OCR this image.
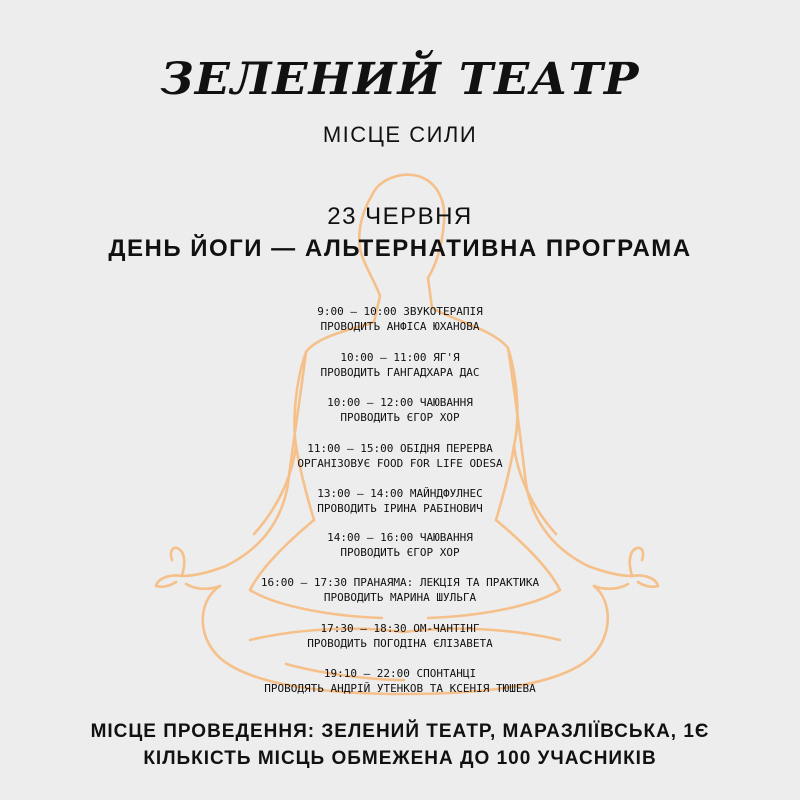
ЗЕЛЕНИЙ ТЕАТР
МІСЦЕ СИЛИ
23 ЧЕРВНЯ
ДЕНЬ ЙОГИ — АЛЬТЕРНАТИВНА ПРОГРАМА
9:00 – 10:00 ЗВУКОТЕРАПІЯ
ПРОВОДИТЬ АНФІСА ЮХАНОВА
10:00 – 11:00 ЯГ'Я
ПРОВОДИТЬ ГАНГАДХАРА ДАС
10:00 – 12:00 ЧАЮВАННЯ
ПРОВОДИТЬ ЄГОР ХОР
11:00 – 15:00 ОБІДНЯ ПЕРЕРВА
ОРГАНІЗОВУЄ FOOD FOR LIFE ODESA
13:00 – 14:00 МАЙНДФУЛНЕС
ПРОВОДИТЬ ІРИНА РАБІНОВИЧ
14:00 – 16:00 ЧАЮВАННЯ
ПРОВОДИТЬ ЄГОР ХОР
16:00 – 17:30 ПРАНАЯМА: ЛЕКЦІЯ ТА ПРАКТИКА
ПРОВОДИТЬ МАРИНА ШУЛЬГА
17:30 – 18:30 ОМ-ЧАНТІНГ
ПРОВОДИТЬ ПОГОДІНА ЄЛІЗАВЕТА
19:10 – 22:00 СПОНТАНЦІ
ПРОВОДЯТЬ АНДРІЙ УТЕНКОВ ТА КСЕНІЯ ТЮШЕВА
МІСЦЕ ПРОВЕДЕННЯ: ЗЕЛЕНИЙ ТЕАТР, МАРАЗЛІЇВСЬКА, 1Є
КІЛЬКІСТЬ МІСЦЬ ОБМЕЖЕНА ДО 100 УЧАСНИКІВ
